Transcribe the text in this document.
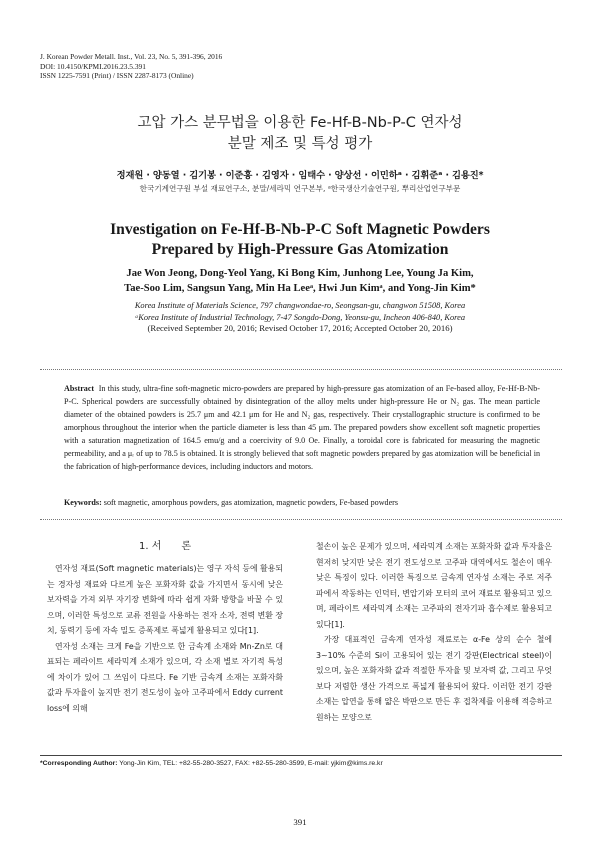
J. Korean Powder Metall. Inst., Vol. 23, No. 5, 391-396, 2016
DOI: 10.4150/KPMI.2016.23.5.391
ISSN 1225-7591 (Print) / ISSN 2287-8173 (Online)
고압 가스 분무법을 이용한 Fe-Hf-B-Nb-P-C 연자성
분말 제조 및 특성 평가
정재원 · 양동열 · 김기봉 · 이준홍 · 김영자 · 임태수 · 양상선 · 이민하ᵃ · 김휘준ᵃ · 김용진*
한국기계연구원 부설 재료연구소, 분말/세라믹 연구본부, ᵃ한국생산기술연구원, 뿌리산업연구부문
Investigation on Fe-Hf-B-Nb-P-C Soft Magnetic Powders
Prepared by High-Pressure Gas Atomization
Jae Won Jeong, Dong-Yeol Yang, Ki Bong Kim, Junhong Lee, Young Ja Kim,
Tae-Soo Lim, Sangsun Yang, Min Ha Leeᵃ, Hwi Jun Kimᵃ, and Yong-Jin Kim*
Korea Institute of Materials Science, 797 changwondae-ro, Seongsan-gu, changwon 51508, Korea
ᵃKorea Institute of Industrial Technology, 7-47 Songdo-Dong, Yeonsu-gu, Incheon 406-840, Korea
(Received September 20, 2016; Revised October 17, 2016; Accepted October 20, 2016)
Abstract In this study, ultra-fine soft-magnetic micro-powders are prepared by high-pressure gas atomization of an Fe-based alloy, Fe-Hf-B-Nb-P-C. Spherical powders are successfully obtained by disintegration of the alloy melts under high-pressure He or N₂ gas. The mean particle diameter of the obtained powders is 25.7 μm and 42.1 μm for He and N₂ gas, respectively. Their crystallographic structure is confirmed to be amorphous throughout the interior when the particle diameter is less than 45 μm. The prepared powders show excellent soft magnetic properties with a saturation magnetization of 164.5 emu/g and a coercivity of 9.0 Oe. Finally, a toroidal core is fabricated for measuring the magnetic permeability, and a μᵣ of up to 78.5 is obtained. It is strongly believed that soft magnetic powders prepared by gas atomization will be beneficial in the fabrication of high-performance devices, including inductors and motors.
Keywords: soft magnetic, amorphous powders, gas atomization, magnetic powders, Fe-based powders
1. 서　　론

연자성 재료(Soft magnetic materials)는 영구 자석 등에 활용되는 경자성 재료와 다르게 높은 포화자화 값을 가지면서 동시에 낮은 보자력을 가져 외부 자기장 변화에 따라 쉽게 자화 방향을 바꿀 수 있으며, 이러한 특성으로 교류 전원을 사용하는 전자 소자, 전력 변환 장치, 동력기 등에 자속 밀도 증폭제로 폭넓게 활용되고 있다[1].

연자성 소재는 크게 Fe을 기반으로 한 금속계 소재와 Mn-Zn로 대표되는 페라이트 세라믹계 소재가 있으며, 각 소재 별로 자기적 특성에 차이가 있어 그 쓰임이 다르다. Fe 기반 금속계 소재는 포화자화 값과 투자율이 높지만 전기 전도성이 높아 고주파에서 Eddy current loss에 의해

철손이 높은 문제가 있으며, 세라믹계 소재는 포화자화 값과 투자율은 현저히 낮지만 낮은 전기 전도성으로 고주파 대역에서도 철손이 매우 낮은 특징이 있다. 이러한 특징으로 금속계 연자성 소재는 주로 저주파에서 작동하는 인덕터, 변압기와 모터의 코어 재료로 활용되고 있으며, 페라이트 세라믹계 소재는 고주파의 전자기파 흡수제로 활용되고 있다[1].

가장 대표적인 금속계 연자성 재료로는 α-Fe 상의 순수 철에 3~10% 수준의 Si이 고용되어 있는 전기 강판(Electrical steel)이 있으며, 높은 포화자화 값과 적절한 투자율 및 보자력 값, 그리고 무엇보다 저렴한 생산 가격으로 폭넓게 활용되어 왔다. 이러한 전기 강판 소재는 압연을 통해 얇은 박판으로 만든 후 접착제를 이용해 적층하고 원하는 모양으로

*Corresponding Author: Yong-Jin Kim, TEL: +82-55-280-3527, FAX: +82-55-280-3599, E-mail: yjkim@kims.re.kr
391
